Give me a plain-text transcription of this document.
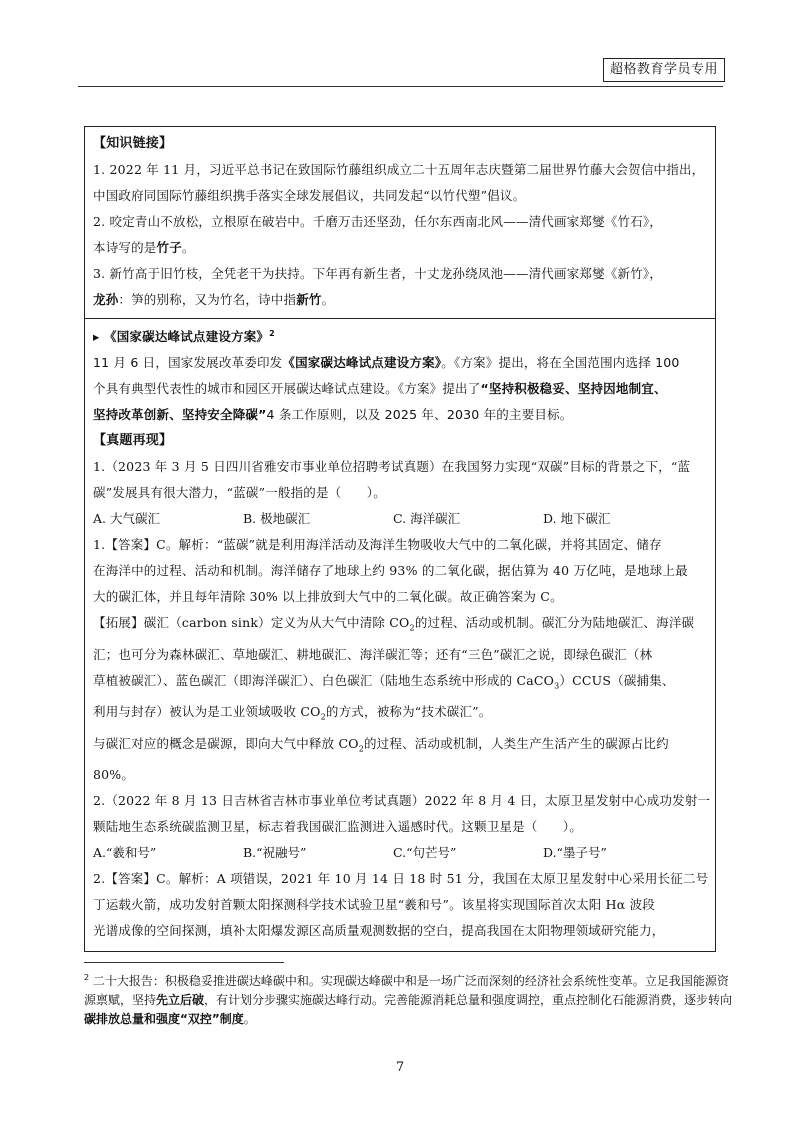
超格教育学员专用

【知识链接】

1. 2022 年 11 月，习近平总书记在致国际竹藤组织成立二十五周年志庆暨第二届世界竹藤大会贺信中指出，

中国政府同国际竹藤组织携手落实全球发展倡议，共同发起“以竹代塑”倡议。

2. 咬定青山不放松，立根原在破岩中。千磨万击还坚劲，任尔东西南北风——清代画家郑燮《竹石》，

本诗写的是竹子。

3. 新竹高于旧竹枝，全凭老干为扶持。下年再有新生者，十丈龙孙绕凤池——清代画家郑燮《新竹》，

龙孙：笋的别称，又为竹名，诗中指新竹。

▸ 《国家碳达峰试点建设方案》$^2$

11 月 6 日，国家发展改革委印发《国家碳达峰试点建设方案》。《方案》提出，将在全国范围内选择 100

个具有典型代表性的城市和园区开展碳达峰试点建设。《方案》提出了“坚持积极稳妥、坚持因地制宜、

坚持改革创新、坚持安全降碳”4 条工作原则，以及 2025 年、2030 年的主要目标。

【真题再现】

1.（2023 年 3 月 5 日四川省雅安市事业单位招聘考试真题）在我国努力实现“双碳”目标的背景之下，“蓝

碳”发展具有很大潜力，“蓝碳”一般指的是（　　）。

A. 大气碳汇	B. 极地碳汇	C. 海洋碳汇	D. 地下碳汇

1.【答案】C。解析：“蓝碳”就是利用海洋活动及海洋生物吸收大气中的二氧化碳，并将其固定、储存

在海洋中的过程、活动和机制。海洋储存了地球上约 93% 的二氧化碳，据估算为 40 万亿吨，是地球上最

大的碳汇体，并且每年清除 30% 以上排放到大气中的二氧化碳。故正确答案为 C。

【拓展】碳汇（carbon sink）定义为从大气中清除 $CO_2$的过程、活动或机制。碳汇分为陆地碳汇、海洋碳

汇；也可分为森林碳汇、草地碳汇、耕地碳汇、海洋碳汇等；还有“三色”碳汇之说，即绿色碳汇（林

草植被碳汇）、蓝色碳汇（即海洋碳汇）、白色碳汇（陆地生态系统中形成的 CaCO$_3$）CCUS（碳捕集、

利用与封存）被认为是工业领域吸收 $CO_2$的方式，被称为“技术碳汇”。

与碳汇对应的概念是碳源，即向大气中释放 $CO_2$的过程、活动或机制，人类生产生活产生的碳源占比约

80%。

2.（2022 年 8 月 13 日吉林省吉林市事业单位考试真题）2022 年 8 月 4 日，太原卫星发射中心成功发射一

颗陆地生态系统碳监测卫星，标志着我国碳汇监测进入遥感时代。这颗卫星是（　　）。

A.“羲和号”	B.“祝融号”	C.“句芒号”	D.“墨子号”

2.【答案】C。解析：A 项错误，2021 年 10 月 14 日 18 时 51 分，我国在太原卫星发射中心采用长征二号

丁运载火箭，成功发射首颗太阳探测科学技术试验卫星“羲和号”。该星将实现国际首次太阳 Hα 波段

光谱成像的空间探测，填补太阳爆发源区高质量观测数据的空白，提高我国在太阳物理领域研究能力，

$^2$ 二十大报告：积极稳妥推进碳达峰碳中和。实现碳达峰碳中和是一场广泛而深刻的经济社会系统性变革。立足我国能源资
源禀赋，坚持先立后破，有计划分步骤实施碳达峰行动。完善能源消耗总量和强度调控，重点控制化石能源消费，逐步转向
碳排放总量和强度“双控”制度。
7
